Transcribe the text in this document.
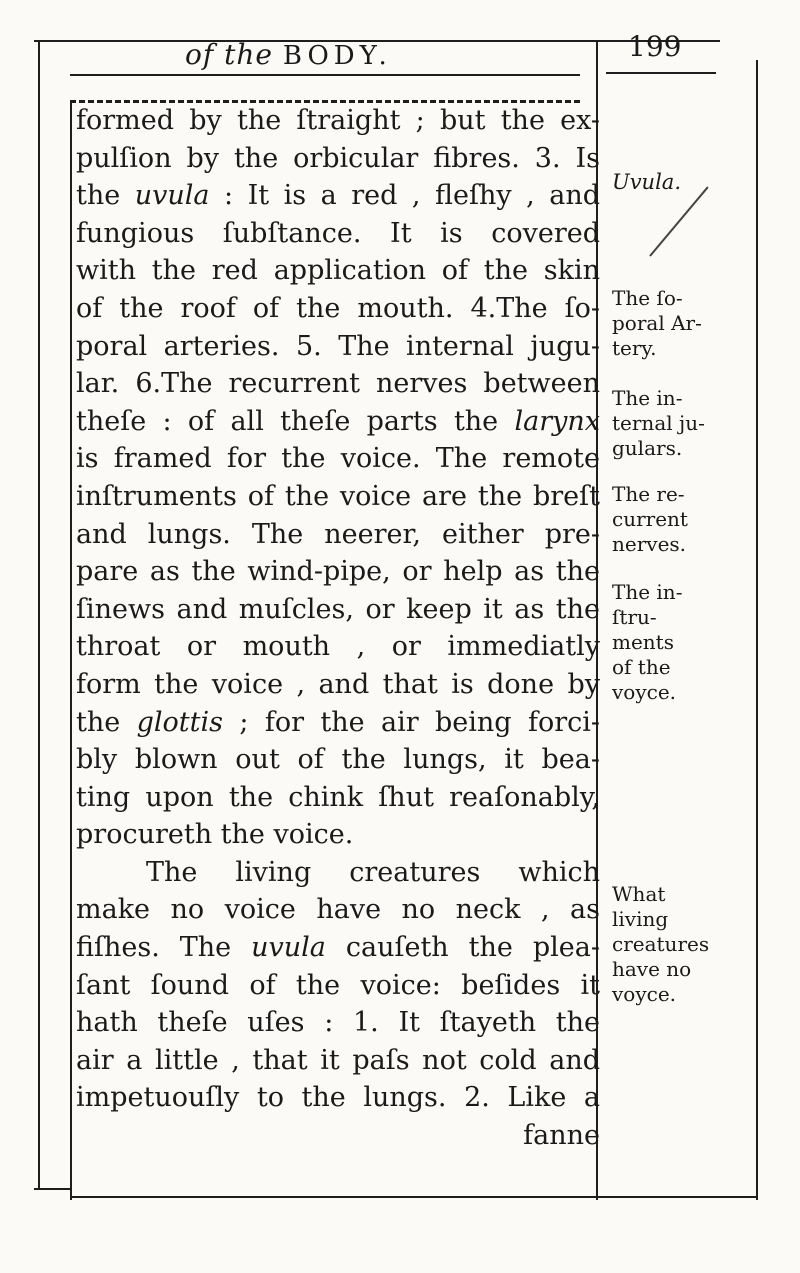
of the BODY.	199
formed by the ſtraight ; but the ex-
pulſion by the orbicular fibres. 3. Is
the uvula : It is a red , fleſhy , and
fungious ſubſtance. It is covered
with the red application of the skin
of the roof of the mouth. 4.The ſo-
poral arteries. 5. The internal jugu-
lar. 6.The recurrent nerves between
theſe : of all theſe parts the larynx
is framed for the voice. The remote
inſtruments of the voice are the breſt
and lungs. The neerer, either pre-
pare as the wind-pipe, or help as the
ſinews and muſcles, or keep it as the
throat or mouth , or immediatly
form the voice , and that is done by
the glottis ; for the air being forci-
bly blown out of the lungs, it bea-
ting upon the chink ſhut reaſonably,
procureth the voice.
The living creatures which
make no voice have no neck , as
fiſhes. The uvula cauſeth the plea-
ſant ſound of the voice: beſides it
hath theſe uſes : 1. It ſtayeth the
air a little , that it paſs not cold and
impetuouſly to the lungs. 2. Like a
fanne
Uvula.
The ſo-
poral Ar-
tery.
The in-
ternal ju-
gulars.
The re-
current
nerves.
The in-
ſtru-
ments
of the
voyce.
What
living
creatures
have no
voyce.
